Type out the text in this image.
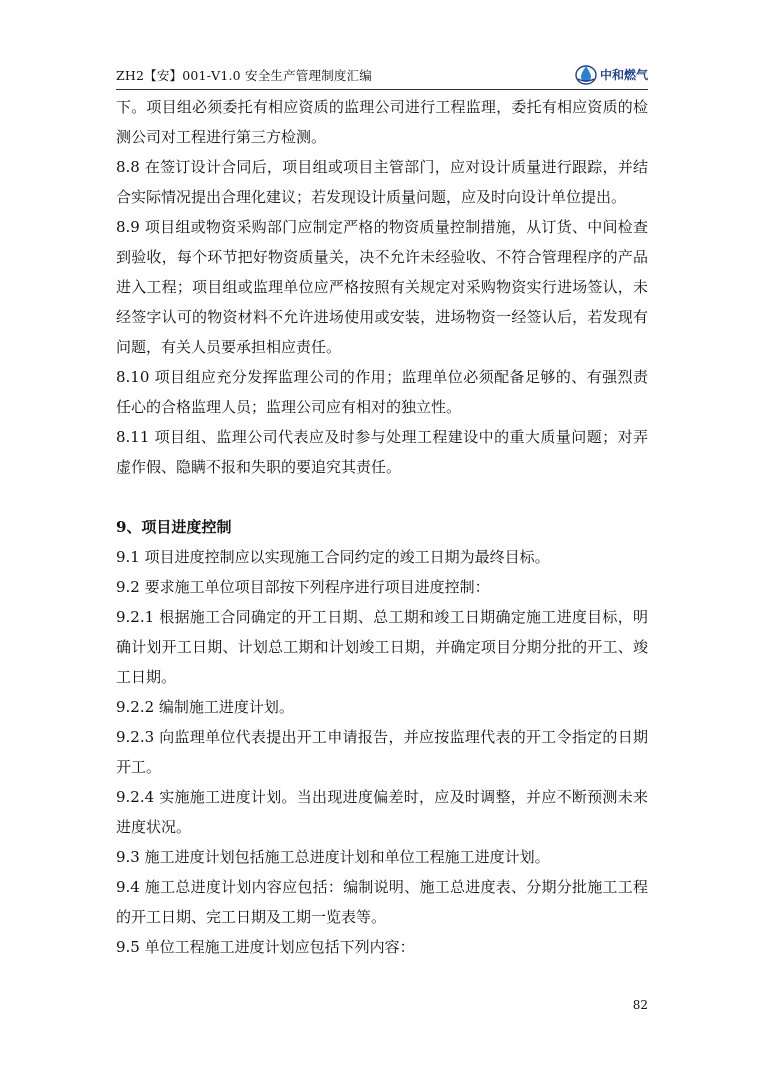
ZH2【安】001-V1.0 安全生产管理制度汇编	中和燃气

下。项目组必须委托有相应资质的监理公司进行工程监理，委托有相应资质的检测公司对工程进行第三方检测。

8.8 在签订设计合同后，项目组或项目主管部门，应对设计质量进行跟踪，并结合实际情况提出合理化建议；若发现设计质量问题，应及时向设计单位提出。

8.9 项目组或物资采购部门应制定严格的物资质量控制措施，从订货、中间检查到验收，每个环节把好物资质量关，决不允许未经验收、不符合管理程序的产品进入工程；项目组或监理单位应严格按照有关规定对采购物资实行进场签认，未经签字认可的物资材料不允许进场使用或安装，进场物资一经签认后，若发现有问题，有关人员要承担相应责任。

8.10 项目组应充分发挥监理公司的作用；监理单位必须配备足够的、有强烈责任心的合格监理人员；监理公司应有相对的独立性。

8.11 项目组、监理公司代表应及时参与处理工程建设中的重大质量问题；对弄虚作假、隐瞒不报和失职的要追究其责任。

9、项目进度控制

9.1 项目进度控制应以实现施工合同约定的竣工日期为最终目标。

9.2 要求施工单位项目部按下列程序进行项目进度控制：

9.2.1 根据施工合同确定的开工日期、总工期和竣工日期确定施工进度目标，明确计划开工日期、计划总工期和计划竣工日期，并确定项目分期分批的开工、竣工日期。

9.2.2 编制施工进度计划。

9.2.3 向监理单位代表提出开工申请报告，并应按监理代表的开工令指定的日期开工。

9.2.4 实施施工进度计划。当出现进度偏差时，应及时调整，并应不断预测未来进度状况。

9.3 施工进度计划包括施工总进度计划和单位工程施工进度计划。

9.4 施工总进度计划内容应包括：编制说明、施工总进度表、分期分批施工工程的开工日期、完工日期及工期一览表等。

9.5 单位工程施工进度计划应包括下列内容：

82
